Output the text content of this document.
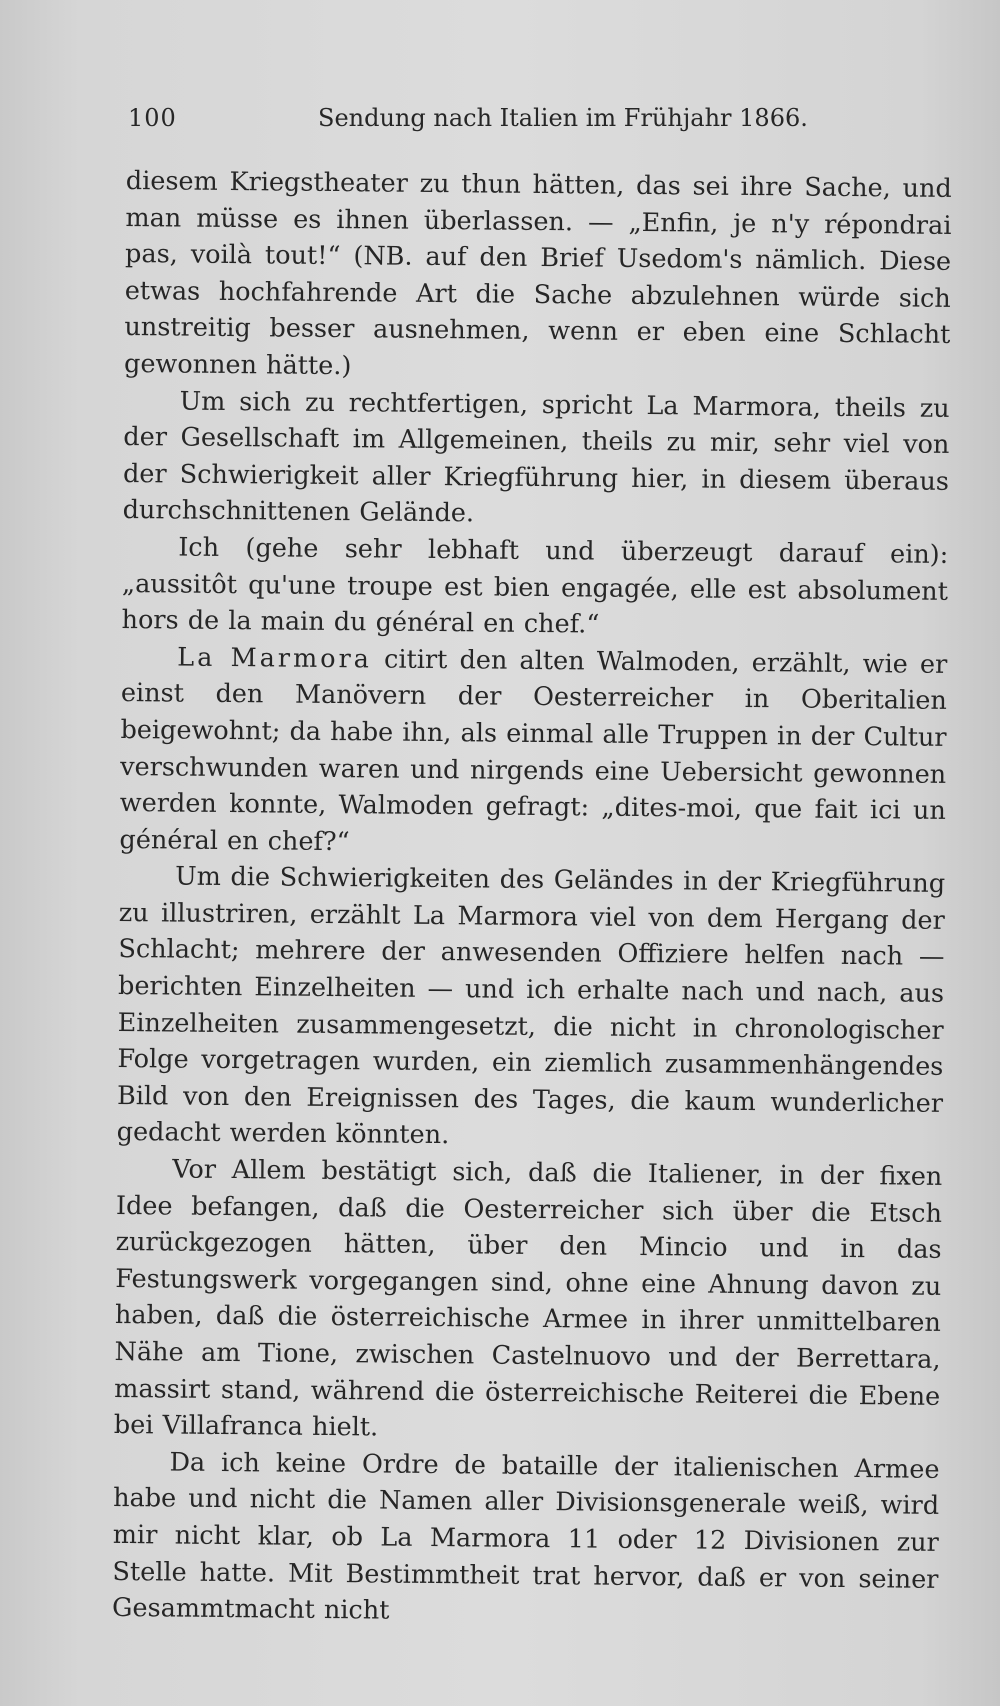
100	Sendung nach Italien im Frühjahr 1866.

diesem Kriegstheater zu thun hätten, das sei ihre Sache, und man müsse es ihnen überlassen. — „Enfin, je n'y répondrai pas, voilà tout!“ (NB. auf den Brief Usedom's nämlich. Diese etwas hochfahrende Art die Sache abzulehnen würde sich unstreitig besser ausnehmen, wenn er eben eine Schlacht gewonnen hätte.)

Um sich zu rechtfertigen, spricht La Marmora, theils zu der Gesellschaft im Allgemeinen, theils zu mir, sehr viel von der Schwierigkeit aller Kriegführung hier, in diesem überaus durchschnittenen Gelände.

Ich (gehe sehr lebhaft und überzeugt darauf ein): „aussitôt qu'une troupe est bien engagée, elle est absolument hors de la main du général en chef.“

La Marmora citirt den alten Walmoden, erzählt, wie er einst den Manövern der Oesterreicher in Oberitalien beigewohnt; da habe ihn, als einmal alle Truppen in der Cultur verschwunden waren und nirgends eine Uebersicht gewonnen werden konnte, Walmoden gefragt: „dites-moi, que fait ici un général en chef?“

Um die Schwierigkeiten des Geländes in der Kriegführung zu illustriren, erzählt La Marmora viel von dem Hergang der Schlacht; mehrere der anwesenden Offiziere helfen nach — berichten Einzelheiten — und ich erhalte nach und nach, aus Einzelheiten zusammengesetzt, die nicht in chronologischer Folge vorgetragen wurden, ein ziemlich zusammenhängendes Bild von den Ereignissen des Tages, die kaum wunderlicher gedacht werden könnten.

Vor Allem bestätigt sich, daß die Italiener, in der fixen Idee befangen, daß die Oesterreicher sich über die Etsch zurückgezogen hätten, über den Mincio und in das Festungswerk vorgegangen sind, ohne eine Ahnung davon zu haben, daß die österreichische Armee in ihrer unmittelbaren Nähe am Tione, zwischen Castelnuovo und der Berrettara, massirt stand, während die österreichische Reiterei die Ebene bei Villafranca hielt.

Da ich keine Ordre de bataille der italienischen Armee habe und nicht die Namen aller Divisionsgenerale weiß, wird mir nicht klar, ob La Marmora 11 oder 12 Divisionen zur Stelle hatte. Mit Bestimmtheit trat hervor, daß er von seiner Gesammtmacht nicht
